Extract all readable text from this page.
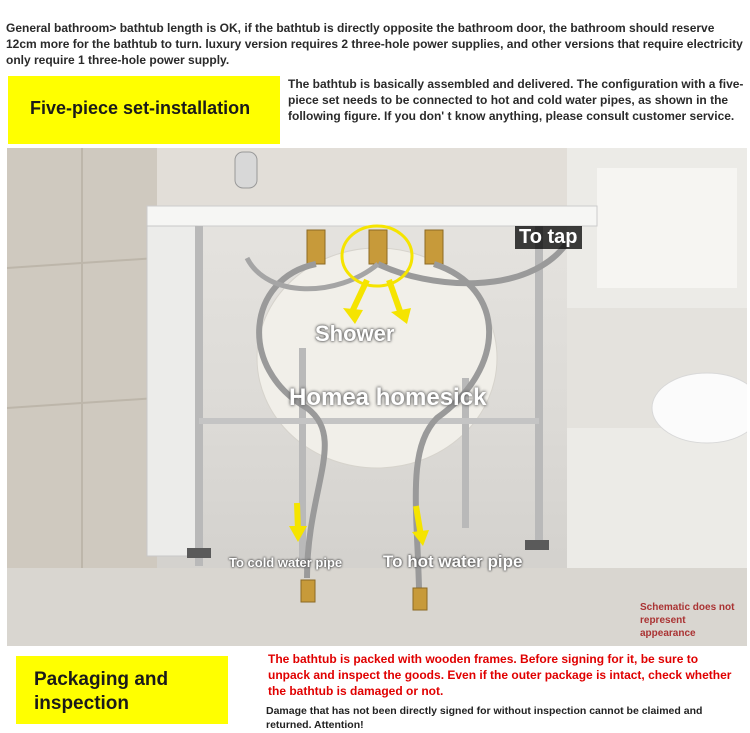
General bathroom> bathtub length is OK, if the bathtub is directly opposite the bathroom door, the bathroom should reserve 12cm more for the bathtub to turn. luxury version requires 2 three-hole power supplies, and other versions that require electricity only require 1 three-hole power supply.
Five-piece set-installation
The bathtub is basically assembled and delivered. The configuration with a five-piece set needs to be connected to hot and cold water pipes, as shown in the following figure. If you don' t know anything, please consult customer service.
To tap
Shower
Homea homesick
To cold water pipe To hot water pipe
Schematic does not represent appearance
Packaging and inspection
The bathtub is packed with wooden frames. Before signing for it, be sure to unpack and inspect the goods. Even if the outer package is intact, check whether the bathtub is damaged or not.
Damage that has not been directly signed for without inspection cannot be claimed and returned. Attention!
